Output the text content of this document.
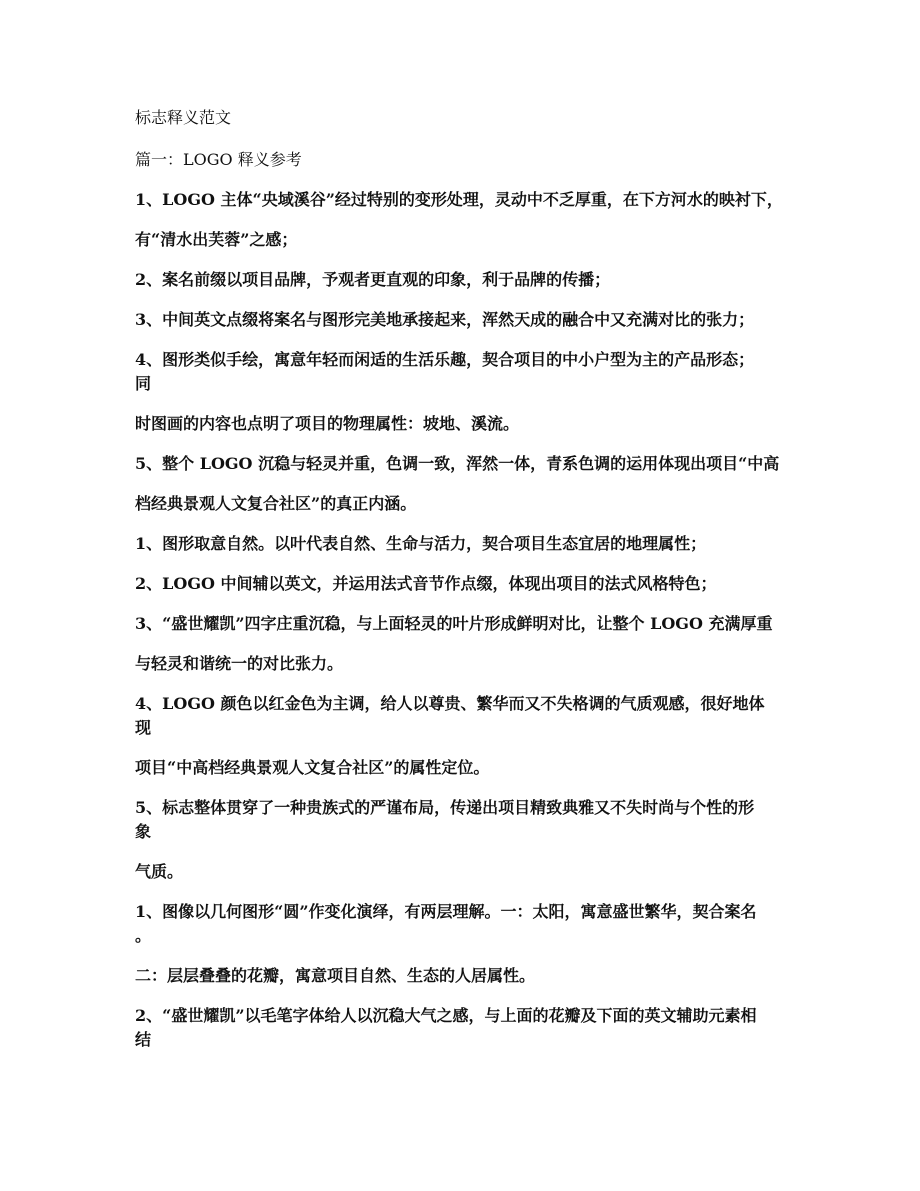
标志释义范文
篇一：LOGO 释义参考
1、LOGO 主体“央域溪谷”经过特别的变形处理，灵动中不乏厚重，在下方河水的映衬下，
有“清水出芙蓉”之感；
2、案名前缀以项目品牌，予观者更直观的印象，利于品牌的传播；
3、中间英文点缀将案名与图形完美地承接起来，浑然天成的融合中又充满对比的张力；
4、图形类似手绘，寓意年轻而闲适的生活乐趣，契合项目的中小户型为主的产品形态；
同
时图画的内容也点明了项目的物理属性：坡地、溪流。
5、整个 LOGO 沉稳与轻灵并重，色调一致，浑然一体，青系色调的运用体现出项目“中高
档经典景观人文复合社区”的真正内涵。
1、图形取意自然。以叶代表自然、生命与活力，契合项目生态宜居的地理属性；
2、LOGO 中间辅以英文，并运用法式音节作点缀，体现出项目的法式风格特色；
3、“盛世耀凯”四字庄重沉稳，与上面轻灵的叶片形成鲜明对比，让整个 LOGO 充满厚重
与轻灵和谐统一的对比张力。
4、LOGO 颜色以红金色为主调，给人以尊贵、繁华而又不失格调的气质观感，很好地体
现
项目“中高档经典景观人文复合社区”的属性定位。
5、标志整体贯穿了一种贵族式的严谨布局，传递出项目精致典雅又不失时尚与个性的形
象
气质。
1、图像以几何图形“圆”作变化演绎，有两层理解。一：太阳，寓意盛世繁华，契合案名
。
二：层层叠叠的花瓣，寓意项目自然、生态的人居属性。
2、“盛世耀凯”以毛笔字体给人以沉稳大气之感，与上面的花瓣及下面的英文辅助元素相
结
